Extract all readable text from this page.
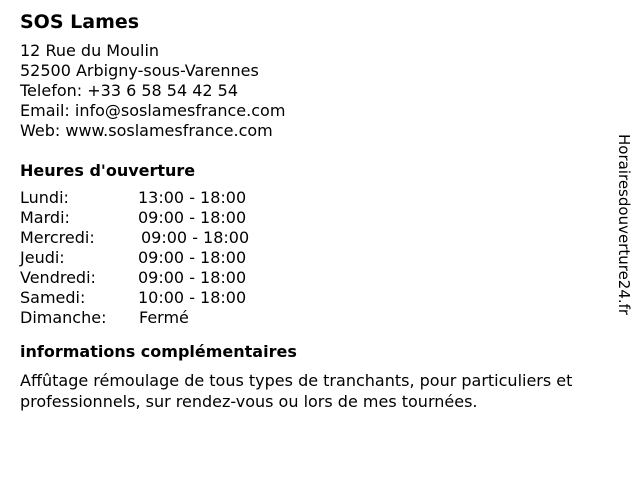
SOS Lames
12 Rue du Moulin
52500 Arbigny-sous-Varennes
Telefon: +33 6 58 54 42 54
Email: info@soslamesfrance.com
Web: www.soslamesfrance.com
Heures d'ouverture
Lundi:	13:00 - 18:00
Mardi:	09:00 - 18:00
Mercredi:	09:00 - 18:00
Jeudi:	09:00 - 18:00
Vendredi:	09:00 - 18:00
Samedi:	10:00 - 18:00
Dimanche: Fermé
informations complémentaires

Affûtage rémoulage de tous types de tranchants, pour particuliers et professionnels, sur rendez-vous ou lors de mes tournées.

Horairesdouverture24.fr
